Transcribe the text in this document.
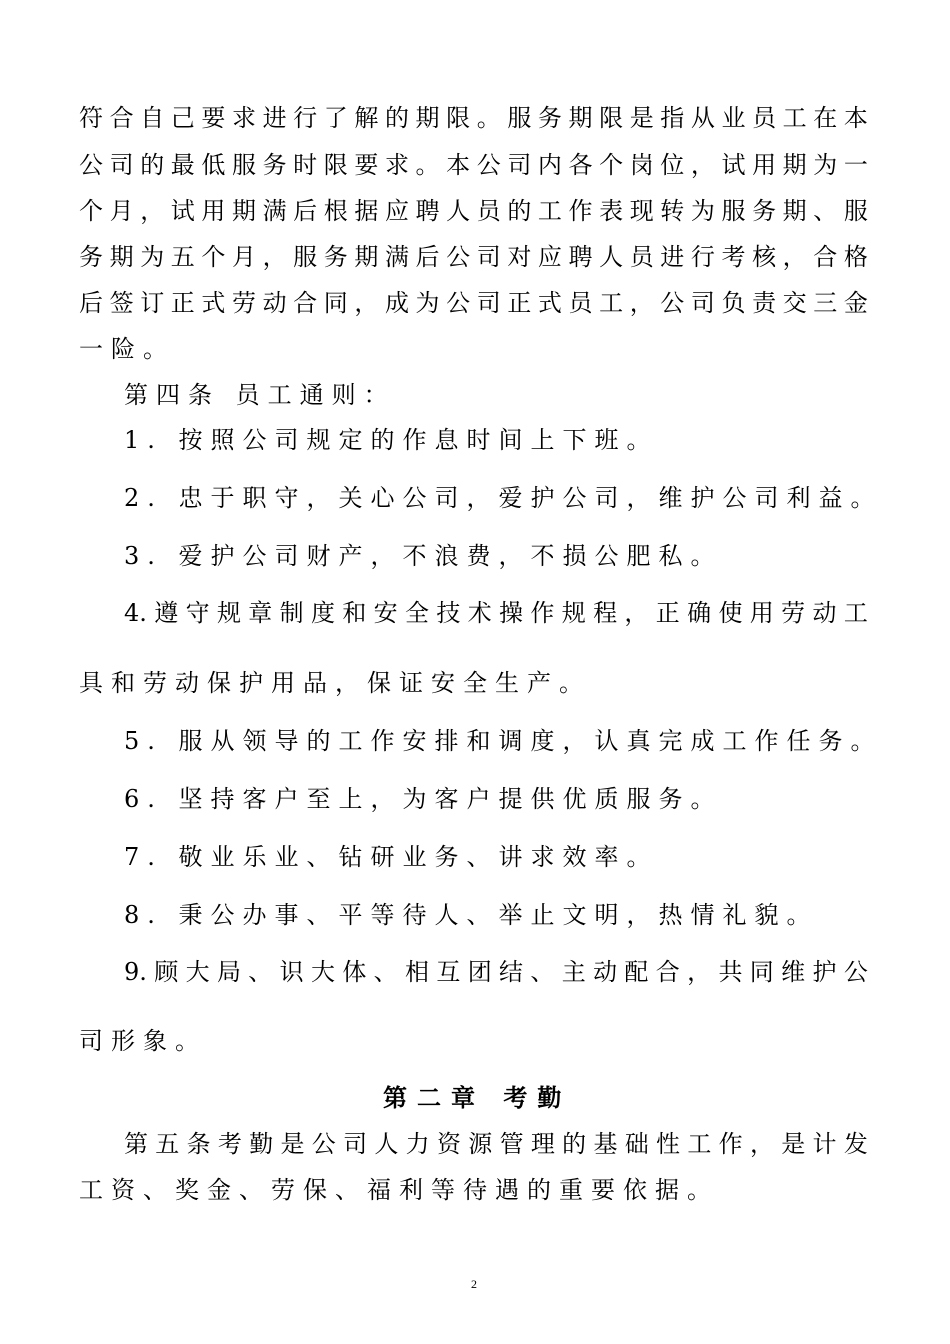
符 合 自 己 要 求 进 行 了 解 的 期 限 。 服 务 期 限 是 指 从 业 员 工 在 本
公 司 的 最 低 服 务 时 限 要 求 。 本 公 司 内 各 个 岗 位 ， 试 用 期 为 一
个 月 ， 试 用 期 满 后 根 据 应 聘 人 员 的 工 作 表 现 转 为 服 务 期 、 服
务 期 为 五 个 月 ， 服 务 期 满 后 公 司 对 应 聘 人 员 进 行 考 核 ， 合 格
后 签 订 正 式 劳 动 合 同 ， 成 为 公 司 正 式 员 工 ， 公 司 负 责 交 三 金
一险。
第四条 员工通则：
1. 按照公司规定的作息时间上下班。
2. 忠于职守，关心公司，爱护公司，维护公司利益。
3. 爱护公司财产，不浪费，不损公肥私。
4. 遵 守 规 章 制 度 和 安 全 技 术 操 作 规 程 ， 正 确 使 用 劳 动 工
具和劳动保护用品，保证安全生产。
5. 服从领导的工作安排和调度，认真完成工作任务。
6. 坚持客户至上，为客户提供优质服务。
7. 敬业乐业、钻研业务、讲求效率。
8. 秉公办事、平等待人、举止文明，热情礼貌。
9. 顾 大 局 、 识 大 体 、 相 互 团 结 、 主 动 配 合 ， 共 同 维 护 公
司形象。
第二章 考勤
第 五 条 考 勤 是 公 司 人 力 资 源 管 理 的 基 础 性 工 作 ， 是 计 发
工资、奖金、劳保、福利等待遇的重要依据。
2
